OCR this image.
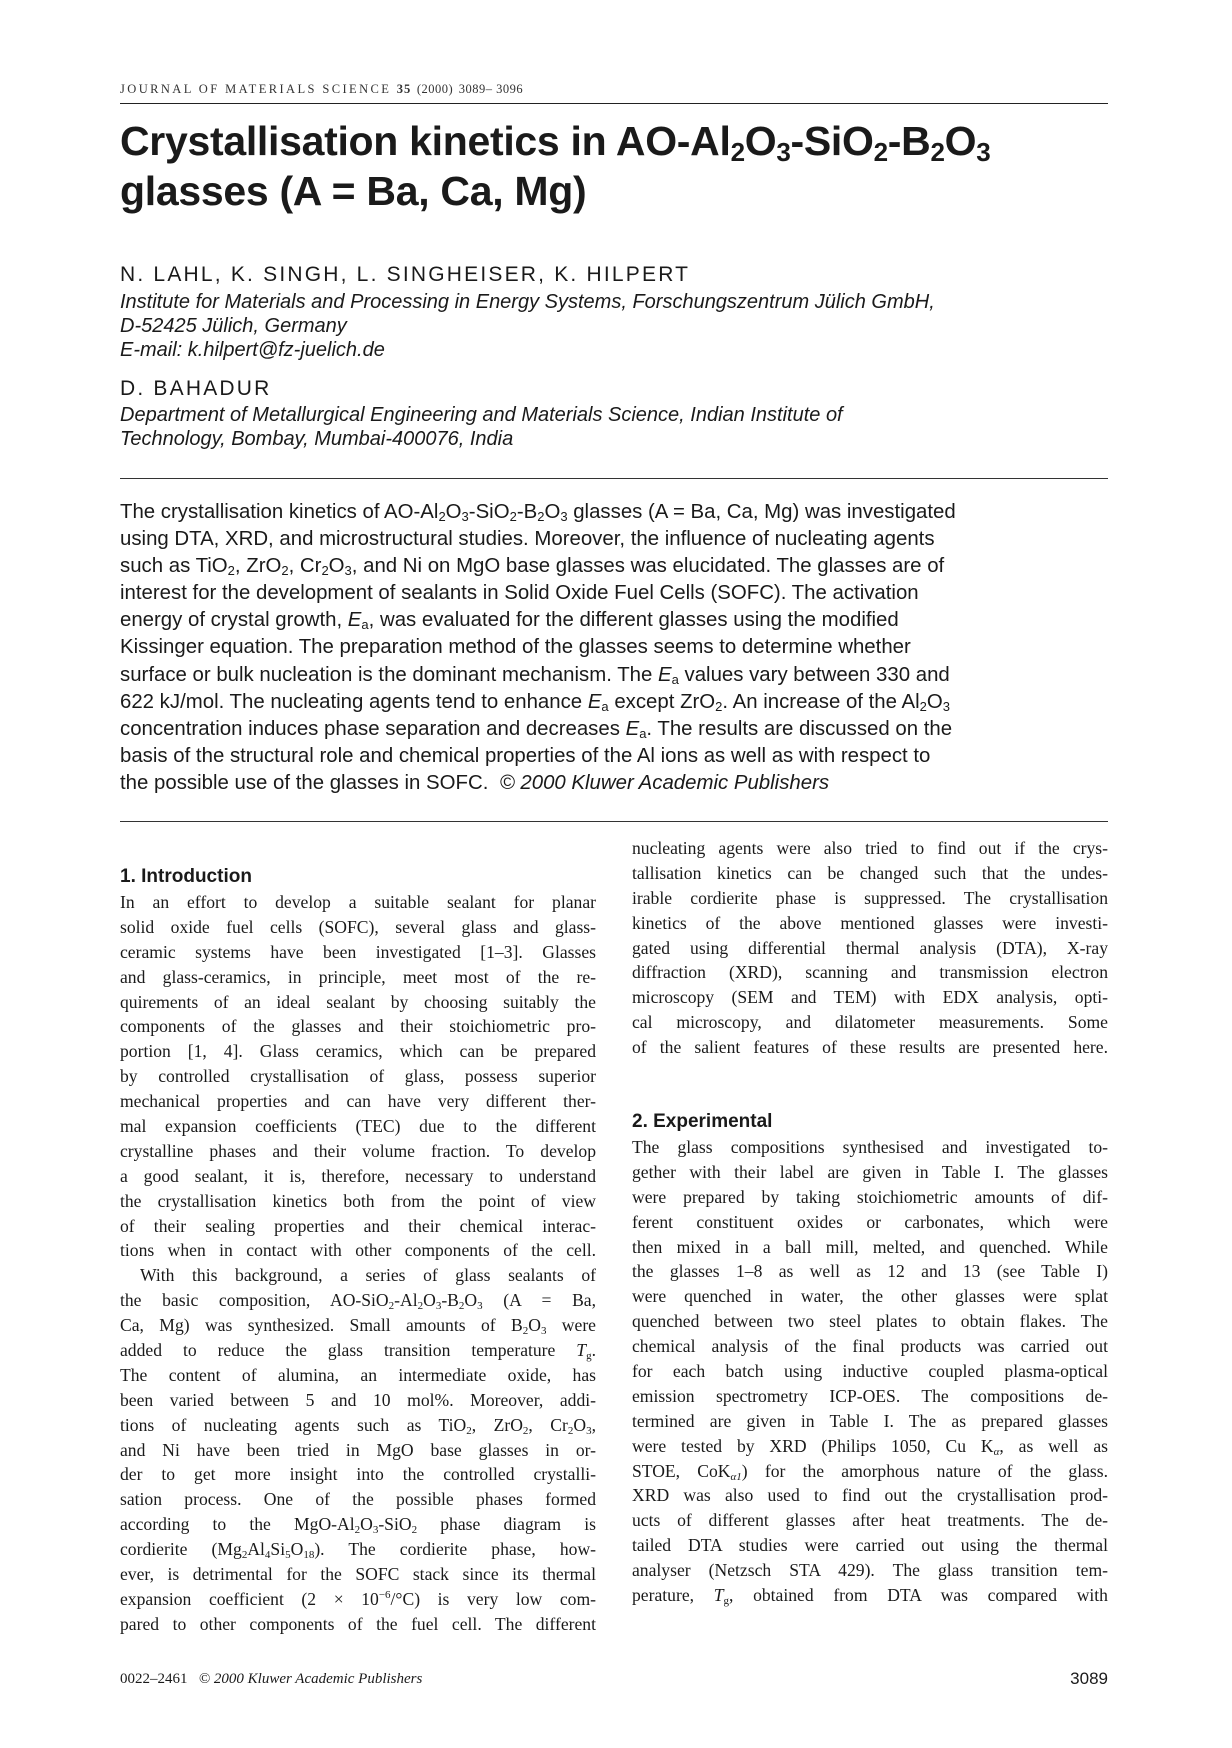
JOURNAL OF MATERIALS SCIENCE 35 (2000) 3089– 3096
Crystallisation kinetics in $AO-Al_2O_3-SiO_2-B_2O_3$
glasses (A = Ba, Ca, Mg)
N. LAHL, K. SINGH, L. SINGHEISER, K. HILPERT
Institute for Materials and Processing in Energy Systems, Forschungszentrum Jülich GmbH,
D-52425 Jülich, Germany
E-mail: k.hilpert@fz-juelich.de
D. BAHADUR
Department of Metallurgical Engineering and Materials Science, Indian Institute of
Technology, Bombay, Mumbai-400076, India
The crystallisation kinetics of $AO-Al_2O_3-SiO_2-B_2O_3$ glasses (A = Ba, Ca, Mg) was investigated
using DTA, XRD, and microstructural studies. Moreover, the influence of nucleating agents
such as TiO$_2$, ZrO$_2$, $Cr_2O_3$, and Ni on MgO base glasses was elucidated. The glasses are of
interest for the development of sealants in Solid Oxide Fuel Cells (SOFC). The activation
energy of crystal growth, $E_a$, was evaluated for the different glasses using the modified
Kissinger equation. The preparation method of the glasses seems to determine whether
surface or bulk nucleation is the dominant mechanism. The $E_a$ values vary between 330 and
622 kJ/mol. The nucleating agents tend to enhance $E_a$ except ZrO$_2$. An increase of the $Al_2O_3$
concentration induces phase separation and decreases $E_a$. The results are discussed on the
basis of the structural role and chemical properties of the Al ions as well as with respect to
the possible use of the glasses in SOFC. © 2000 Kluwer Academic Publishers
1. Introduction
In an effort to develop a suitable sealant for planar
solid oxide fuel cells (SOFC), several glass and glass-
ceramic systems have been investigated [1–3]. Glasses
and glass-ceramics, in principle, meet most of the re-
quirements of an ideal sealant by choosing suitably the
components of the glasses and their stoichiometric pro-
portion [1, 4]. Glass ceramics, which can be prepared
by controlled crystallisation of glass, possess superior
mechanical properties and can have very different ther-
mal expansion coefficients (TEC) due to the different
crystalline phases and their volume fraction. To develop
a good sealant, it is, therefore, necessary to understand
the crystallisation kinetics both from the point of view
of their sealing properties and their chemical interac-
tions when in contact with other components of the cell.
With this background, a series of glass sealants of
the basic composition, $AO-SiO_2-Al_2O_3-B_2O_3$ (A = Ba,
Ca, Mg) was synthesized. Small amounts of $B_2O_3$ were
added to reduce the glass transition temperature $T_g$.
The content of alumina, an intermediate oxide, has
been varied between 5 and 10 mol%. Moreover, addi-
tions of nucleating agents such as TiO$_2$, ZrO$_2$, $Cr_2O_3$,
and Ni have been tried in MgO base glasses in or-
der to get more insight into the controlled crystalli-
sation process. One of the possible phases formed
according to the MgO-$Al_2O_3-SiO_2$ phase diagram is
cordierite $(Mg_2Al_4Si_5O_{18})$. The cordierite phase, how-
ever, is detrimental for the SOFC stack since its thermal
expansion coefficient $(2 \times 10^{-6}/^\circ C)$ is very low com-
pared to other components of the fuel cell. The different
nucleating agents were also tried to find out if the crys-
tallisation kinetics can be changed such that the undes-
irable cordierite phase is suppressed. The crystallisation
kinetics of the above mentioned glasses were investi-
gated using differential thermal analysis (DTA), X-ray
diffraction (XRD), scanning and transmission electron
microscopy (SEM and TEM) with EDX analysis, opti-
cal microscopy, and dilatometer measurements. Some
of the salient features of these results are presented here.
2. Experimental
The glass compositions synthesised and investigated to-
gether with their label are given in Table I. The glasses
were prepared by taking stoichiometric amounts of dif-
ferent constituent oxides or carbonates, which were
then mixed in a ball mill, melted, and quenched. While
the glasses 1–8 as well as 12 and 13 (see Table I)
were quenched in water, the other glasses were splat
quenched between two steel plates to obtain flakes. The
chemical analysis of the final products was carried out
for each batch using inductive coupled plasma-optical
emission spectrometry ICP-OES. The compositions de-
termined are given in Table I. The as prepared glasses
were tested by XRD (Philips 1050, Cu $K_\alpha$, as well as
STOE, CoK$_{\alpha 1}$) for the amorphous nature of the glass.
XRD was also used to find out the crystallisation prod-
ucts of different glasses after heat treatments. The de-
tailed DTA studies were carried out using the thermal
analyser (Netzsch STA 429). The glass transition tem-
perature, $T_g$, obtained from DTA was compared with
0022–2461 © 2000 Kluwer Academic Publishers	3089
